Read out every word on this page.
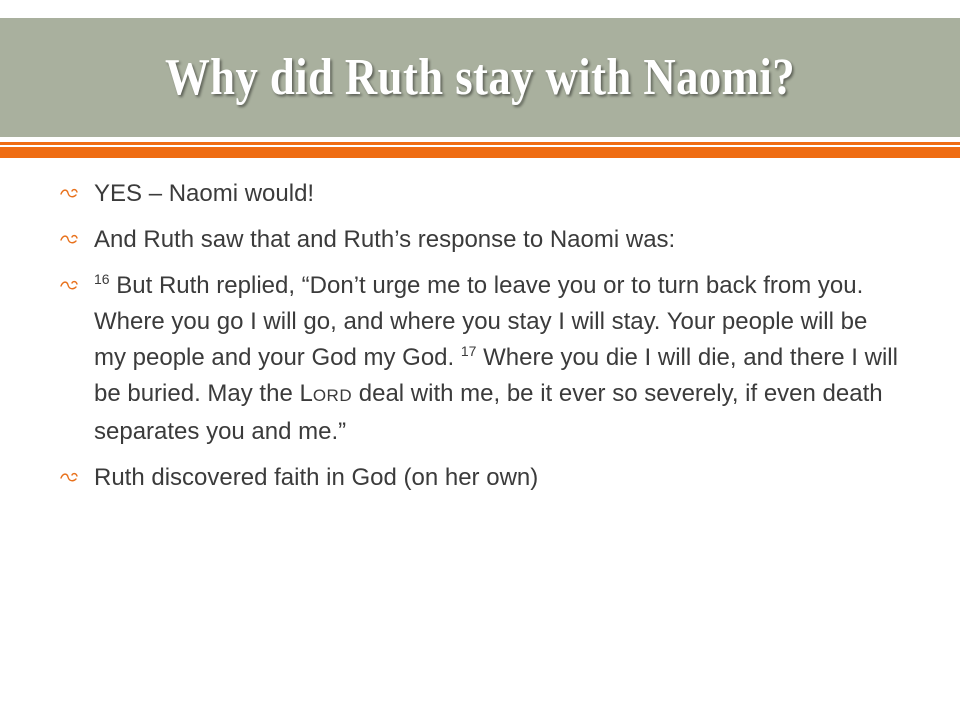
Why did Ruth stay with Naomi?
YES – Naomi would!
And Ruth saw that and Ruth’s response to Naomi was:
$^{16}$ But Ruth replied, “Don’t urge me to leave you or to turn back from you. Where you go I will go, and where you stay I will stay. Your people will be my people and your God my God. $^{17}$ Where you die I will die, and there I will be buried. May the LORD deal with me, be it ever so severely, if even death separates you and me.”
Ruth discovered faith in God (on her own)
